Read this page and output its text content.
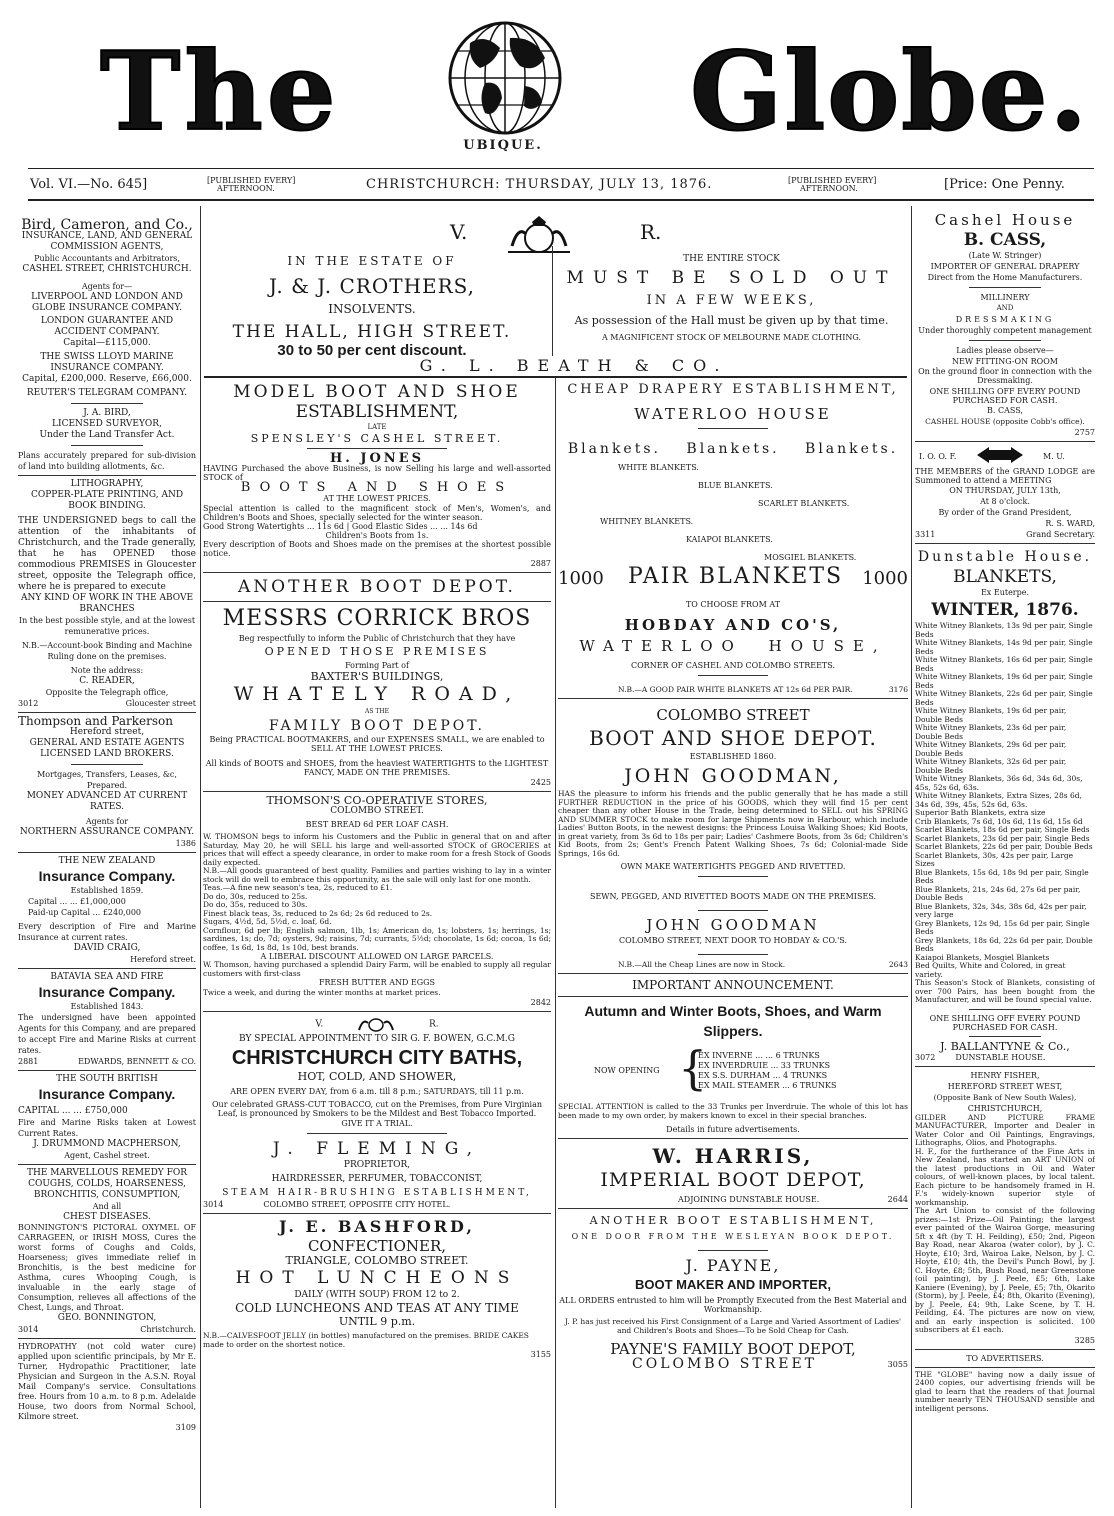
The	UBIQUE. Globe.
Vol. VI.—No. 645]	[PUBLISHED EVERY]
AFTERNOON.	CHRISTCHURCH: THURSDAY, JULY 13, 1876.	[PUBLISHED EVERY]
AFTERNOON.	[Price: One Penny.
Bird, Cameron, and Co.,
INSURANCE, LAND, AND GENERAL
COMMISSION AGENTS,
Public Accountants and Arbitrators,
CASHEL STREET, CHRISTCHURCH.
Agents for—
LIVERPOOL AND LONDON AND GLOBE INSURANCE COMPANY.
LONDON GUARANTEE AND ACCIDENT COMPANY.
Capital—£115,000.
THE SWISS LLOYD MARINE INSURANCE COMPANY.
Capital, £200,000. Reserve, £66,000.
REUTER'S TELEGRAM COMPANY.
J. A. BIRD,
LICENSED SURVEYOR,
Under the Land Transfer Act.
Plans accurately prepared for sub-division of land into building allotments, &c.
LITHOGRAPHY,
COPPER-PLATE PRINTING, AND BOOK BINDING.
THE UNDERSIGNED begs to call the attention of the inhabitants of Christchurch, and the Trade generally, that he has OPENED those commodious PREMISES in Gloucester street, opposite the Telegraph office, where he is prepared to execute
ANY KIND OF WORK IN THE ABOVE BRANCHES
In the best possible style, and at the lowest remunerative prices.
N.B.—Account-book Binding and Machine Ruling done on the premises.
Note the address:
C. READER,
Opposite the Telegraph office,
3012	Gloucester street
Thompson and Parkerson
Hereford street,
GENERAL AND ESTATE AGENTS
LICENSED LAND BROKERS.
Mortgages, Transfers, Leases, &c, Prepared.
MONEY ADVANCED AT CURRENT RATES.
Agents for
NORTHERN ASSURANCE COMPANY.
1386
THE NEW ZEALAND
Insurance Company.
Established 1859.
Capital ... ... £1,000,000
Paid-up Capital ... £240,000
Every description of Fire and Marine Insurance at current rates.
DAVID CRAIG,
Hereford street.
BATAVIA SEA AND FIRE
Insurance Company.
Established 1843.
The undersigned have been appointed Agents for this Company, and are prepared to accept Fire and Marine Risks at current rates.
2881	EDWARDS, BENNETT & CO.
THE SOUTH BRITISH
Insurance Company.
CAPITAL ... ... £750,000
Fire and Marine Risks taken at Lowest Current Rates.
J. DRUMMOND MACPHERSON,
Agent, Cashel street.
THE MARVELLOUS REMEDY FOR COUGHS, COLDS, HOARSENESS, BRONCHITIS, CONSUMPTION,
And all
CHEST DISEASES.
BONNINGTON'S PICTORAL OXYMEL OF CARRAGEEN, or IRISH MOSS, Cures the worst forms of Coughs and Colds, Hoarseness; gives immediate relief in Bronchitis, is the best medicine for Asthma, cures Whooping Cough, is invaluable in the early stage of Consumption, relieves all affections of the Chest, Lungs, and Throat.
GEO. BONNINGTON,
3014	Christchurch.
HYDROPATHY (not cold water cure) applied upon scientific principals, by Mr E. Turner, Hydropathic Practitioner, late Physician and Surgeon in the A.S.N. Royal Mail Company's service. Consultations free. Hours from 10 a.m. to 8 p.m. Adelaide House, two doors from Normal School, Kilmore street.
3109
V.	R.
IN THE ESTATE OF
J. & J. CROTHERS,
INSOLVENTS.
THE HALL, HIGH STREET.
30 to 50 per cent discount.
THE ENTIRE STOCK
MUST BE SOLD OUT
IN A FEW WEEKS,
As possession of the Hall must be given up by that time.
A MAGNIFICENT STOCK OF MELBOURNE MADE CLOTHING.
G. L. BEATH & CO.
MODEL BOOT AND SHOE
ESTABLISHMENT,
LATE
SPENSLEY'S CASHEL STREET.
H. JONES
HAVING Purchased the above Business, is now Selling his large and well-assorted STOCK of
BOOTS AND SHOES
AT THE LOWEST PRICES.
Special attention is called to the magnificent stock of Men's, Women's, and Children's Boots and Shoes, specially selected for the winter season.
Good Strong Watertights ... 11s 6d | Good Elastic Sides ... ... 14s 6d
Children's Boots from 1s.
Every description of Boots and Shoes made on the premises at the shortest possible notice.
2887
ANOTHER BOOT DEPOT.
MESSRS CORRICK BROS
Beg respectfully to inform the Public of Christchurch that they have
OPENED THOSE PREMISES
Forming Part of
BAXTER'S BUILDINGS,
WHATELY ROAD,
AS THE
FAMILY BOOT DEPOT.
Being PRACTICAL BOOTMAKERS, and our EXPENSES SMALL, we are enabled to SELL AT THE LOWEST PRICES.
All kinds of BOOTS and SHOES, from the heaviest WATERTIGHTS to the LIGHTEST FANCY, MADE ON THE PREMISES.
2425
THOMSON'S CO-OPERATIVE STORES,
COLOMBO STREET.
BEST BREAD 6d PER LOAF CASH.
W. THOMSON begs to inform his Customers and the Public in general that on and after Saturday, May 20, he will SELL his large and well-assorted STOCK of GROCERIES at prices that will effect a speedy clearance, in order to make room for a fresh Stock of Goods daily expected.
N.B.—All goods guaranteed of best quality. Families and parties wishing to lay in a winter stock will do well to embrace this opportunity, as the sale will only last for one month.
Teas.—A fine new season's tea, 2s, reduced to £1.
Do do, 30s, reduced to 25s.
Do do, 35s, reduced to 30s.
Finest black teas, 3s, reduced to 2s 6d; 2s 6d reduced to 2s.
Sugars, 4½d, 5d, 5½d, c. loaf, 6d.
Cornflour, 6d per lb; English salmon, 1lb, 1s; American do, 1s; lobsters, 1s; herrings, 1s; sardines, 1s; do, 7d; oysters, 9d; raisins, 7d; currants, 5½d; chocolate, 1s 6d; cocoa, 1s 6d; coffee, 1s 6d, 1s 8d, 1s 10d, best brands.
A LIBERAL DISCOUNT ALLOWED ON LARGE PARCELS.
W. Thomson, having purchased a splendid Dairy Farm, will be enabled to supply all regular customers with first-class
FRESH BUTTER AND EGGS
Twice a week, and during the winter months at market prices.
2842
V.	R.
BY SPECIAL APPOINTMENT TO SIR G. F. BOWEN, G.C.M.G
CHRISTCHURCH CITY BATHS,
HOT, COLD, AND SHOWER,
ARE OPEN EVERY DAY, from 6 a.m. till 8 p.m.; SATURDAYS, till 11 p.m.
Our celebrated GRASS-CUT TOBACCO, cut on the Premises, from Pure Virginian Leaf, is pronounced by Smokers to be the Mildest and Best Tobacco Imported.
GIVE IT A TRIAL.
J. FLEMING,
PROPRIETOR,
HAIRDRESSER, PERFUMER, TOBACCONIST,
STEAM HAIR-BRUSHING ESTABLISHMENT,
3014	COLOMBO STREET, OPPOSITE CITY HOTEL.
J. E. BASHFORD,
CONFECTIONER,
TRIANGLE, COLOMBO STREET.
HOT LUNCHEONS
DAILY (WITH SOUP) FROM 12 to 2.
COLD LUNCHEONS AND TEAS AT ANY TIME
UNTIL 9 p.m.
N.B.—CALVESFOOT JELLY (in bottles) manufactured on the premises. BRIDE CAKES made to order on the shortest notice.
3155
CHEAP DRAPERY ESTABLISHMENT,
WATERLOO HOUSE
Blankets. Blankets. Blankets.
WHITE BLANKETS.
BLUE BLANKETS.
SCARLET BLANKETS.
WHITNEY BLANKETS.
KAIAPOI BLANKETS.
MOSGIEL BLANKETS.
1000 PAIR BLANKETS 1000
TO CHOOSE FROM AT
HOBDAY AND CO'S,
WATERLOO HOUSE,
CORNER OF CASHEL AND COLOMBO STREETS.
N.B.—A GOOD PAIR WHITE BLANKETS AT 12s 6d PER PAIR.	3176
COLOMBO STREET
BOOT AND SHOE DEPOT.
ESTABLISHED 1860.
JOHN GOODMAN,
HAS the pleasure to inform his friends and the public generally that he has made a still FURTHER REDUCTION in the price of his GOODS, which they will find 15 per cent cheaper than any other House in the Trade, being determined to SELL out his SPRING AND SUMMER STOCK to make room for large Shipments now in Harbour, which include Ladies' Button Boots, in the newest designs: the Princess Louisa Walking Shoes; Kid Boots, in great variety, from 3s 6d to 18s per pair; Ladies' Cashmere Boots, from 3s 6d; Children's Kid Boots, from 2s; Gent's French Patent Walking Shoes, 7s 6d; Colonial-made Side Springs, 16s 6d.
OWN MAKE WATERTIGHTS PEGGED AND RIVETTED.
SEWN, PEGGED, AND RIVETTED BOOTS MADE ON THE PREMISES.
JOHN GOODMAN
COLOMBO STREET, NEXT DOOR TO HOBDAY & CO.'S.
N.B.—All the Cheap Lines are now in Stock.	2643
IMPORTANT ANNOUNCEMENT.
Autumn and Winter Boots, Shoes, and Warm Slippers.
NOW OPENING {
EX INVERNE ... ... 6 TRUNKS
EX INVERDRUIE ... 33 TRUNKS
EX S.S. DURHAM ... 4 TRUNKS
EX MAIL STEAMER ... 6 TRUNKS
SPECIAL ATTENTION is called to the 33 Trunks per Inverdruie. The whole of this lot has been made to my own order, by makers known to excel in their special branches.
Details in future advertisements.
W. HARRIS,
IMPERIAL BOOT DEPOT,
ADJOINING DUNSTABLE HOUSE.	2644
ANOTHER BOOT ESTABLISHMENT,
ONE DOOR FROM THE WESLEYAN BOOK DEPOT.
J. PAYNE,
BOOT MAKER AND IMPORTER,
ALL ORDERS entrusted to him will be Promptly Executed from the Best Material and Workmanship.
J. P. has just received his First Consignment of a Large and Varied Assortment of Ladies' and Children's Boots and Shoes—To be Sold Cheap for Cash.
PAYNE'S FAMILY BOOT DEPOT,
COLOMBO STREET	3055
Cashel House
B. CASS,
(Late W. Stringer)
IMPORTER OF GENERAL DRAPERY
Direct from the Home Manufacturers.
MILLINERY
AND
DRESSMAKING
Under thoroughly competent management
Ladies please observe—
NEW FITTING-ON ROOM
On the ground floor in connection with the Dressmaking.
ONE SHILLING OFF EVERY POUND PURCHASED FOR CASH.
B. CASS,
CASHEL HOUSE (opposite Cobb's office).
2757
I. O. O. F.	M. U.
THE MEMBERS of the GRAND LODGE are Summoned to attend a MEETING
ON THURSDAY, JULY 13th,
At 8 o'clock.
By order of the Grand President,
R. S. WARD,
3311	Grand Secretary.
Dunstable House.
BLANKETS,
Ex Euterpe.
WINTER, 1876.
White Witney Blankets, 13s 9d per pair, Single Beds
White Witney Blankets, 14s 9d per pair, Single Beds
White Witney Blankets, 16s 6d per pair, Single Beds
White Witney Blankets, 19s 6d per pair, Single Beds
White Witney Blankets, 22s 6d per pair, Single Beds
White Witney Blankets, 19s 6d per pair, Double Beds
White Witney Blankets, 23s 6d per pair, Double Beds
White Witney Blankets, 29s 6d per pair, Double Beds
White Witney Blankets, 32s 6d per pair, Double Beds
White Witney Blankets, 36s 6d, 34s 6d, 30s, 45s, 52s 6d, 63s.
White Witney Blankets, Extra Sizes, 28s 6d, 34s 6d, 39s, 45s, 52s 6d, 63s.
Superior Bath Blankets, extra size
Crib Blankets, 7s 6d, 10s 6d, 11s 6d, 15s 6d
Scarlet Blankets, 18s 6d per pair, Single Beds
Scarlet Blankets, 23s 6d per pair, Single Beds
Scarlet Blankets, 22s 6d per pair, Double Beds
Scarlet Blankets, 30s, 42s per pair, Large Sizes
Blue Blankets, 15s 6d, 18s 9d per pair, Single Beds
Blue Blankets, 21s, 24s 6d, 27s 6d per pair, Double Beds
Blue Blankets, 32s, 34s, 38s 6d, 42s per pair, very large
Grey Blankets, 12s 9d, 15s 6d per pair, Single Beds
Grey Blankets, 18s 6d, 22s 6d per pair, Double Beds
Kaiapoi Blankets, Mosgiel Blankets
Bed Quilts, White and Colored, in great variety.
This Season's Stock of Blankets, consisting of over 700 Pairs, has been bought from the Manufacturer, and will be found special value.
ONE SHILLING OFF EVERY POUND PURCHASED FOR CASH.
J. BALLANTYNE & Co.,
3072	DUNSTABLE HOUSE.
HENRY FISHER,
HEREFORD STREET WEST,
(Opposite Bank of New South Wales),
CHRISTCHURCH,
GILDER AND PICTURE FRAME MANUFACTURER, Importer and Dealer in Water Color and Oil Paintings, Engravings, Lithographs, Olios, and Photographs.
H. F., for the furtherance of the Fine Arts in New Zealand, has started an ART UNION of the latest productions in Oil and Water colours, of well-known places, by local talent. Each picture to be handsomely framed in H. F.'s widely-known superior style of workmanship.
The Art Union to consist of the following prizes:—1st Prize—Oil Painting; the largest ever painted of the Wairoa Gorge, measuring 5ft x 4ft (by T. H. Feilding), £50; 2nd, Pigeon Bay Road, near Akaroa (water color), by J. C. Hoyte, £10; 3rd, Wairoa Lake, Nelson, by J. C. Hoyte, £10; 4th, the Devil's Punch Bowl, by J. C. Hoyte, £8; 5th, Bush Road, near Greenstone (oil painting), by J. Peele, £5; 6th, Lake Kaniere (Evening), by J. Peele, £5; 7th, Okarito (Storm), by J. Peele, £4; 8th, Okarito (Evening), by J. Peele, £4; 9th, Lake Scene, by T. H. Feilding, £4. The pictures are now on view, and an early inspection is solicited. 100 subscribers at £1 each.
3285
TO ADVERTISERS.
THE "GLOBE" having now a daily issue of 2400 copies, our advertising friends will be glad to learn that the readers of that Journal number nearly TEN THOUSAND sensible and intelligent persons.
